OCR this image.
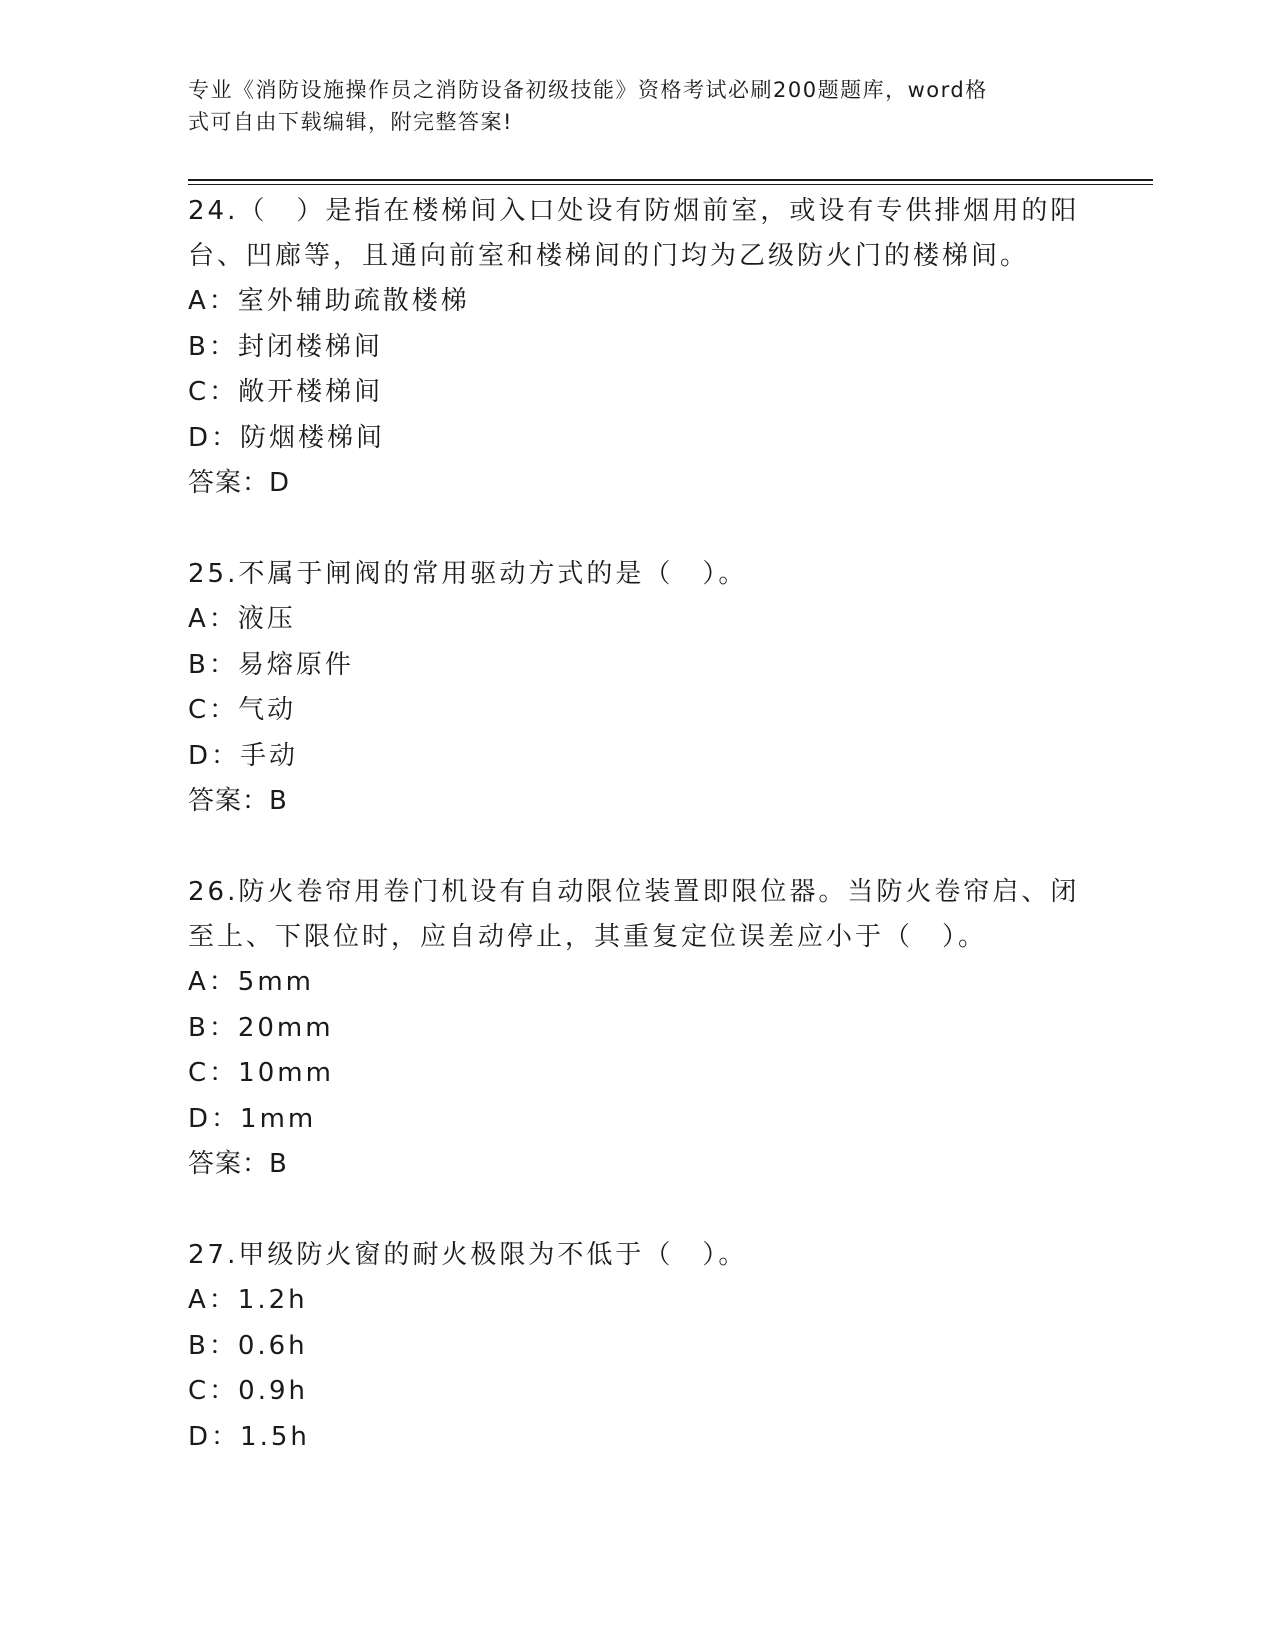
专业《消防设施操作员之消防设备初级技能》资格考试必刷200题题库，word格
式可自由下载编辑，附完整答案!
24.（　）是指在楼梯间入口处设有防烟前室，或设有专供排烟用的阳
台、凹廊等，且通向前室和楼梯间的门均为乙级防火门的楼梯间。
A：室外辅助疏散楼梯
B：封闭楼梯间
C：敞开楼梯间
D：防烟楼梯间
答案：D
25.不属于闸阀的常用驱动方式的是（　）。
A：液压
B：易熔原件
C：气动
D：手动
答案：B
26.防火卷帘用卷门机设有自动限位装置即限位器。当防火卷帘启、闭
至上、下限位时，应自动停止，其重复定位误差应小于（　）。
A：5mm
B：20mm
C：10mm
D：1mm
答案：B
27.甲级防火窗的耐火极限为不低于（　）。
A：1.2h
B：0.6h
C：0.9h
D：1.5h
